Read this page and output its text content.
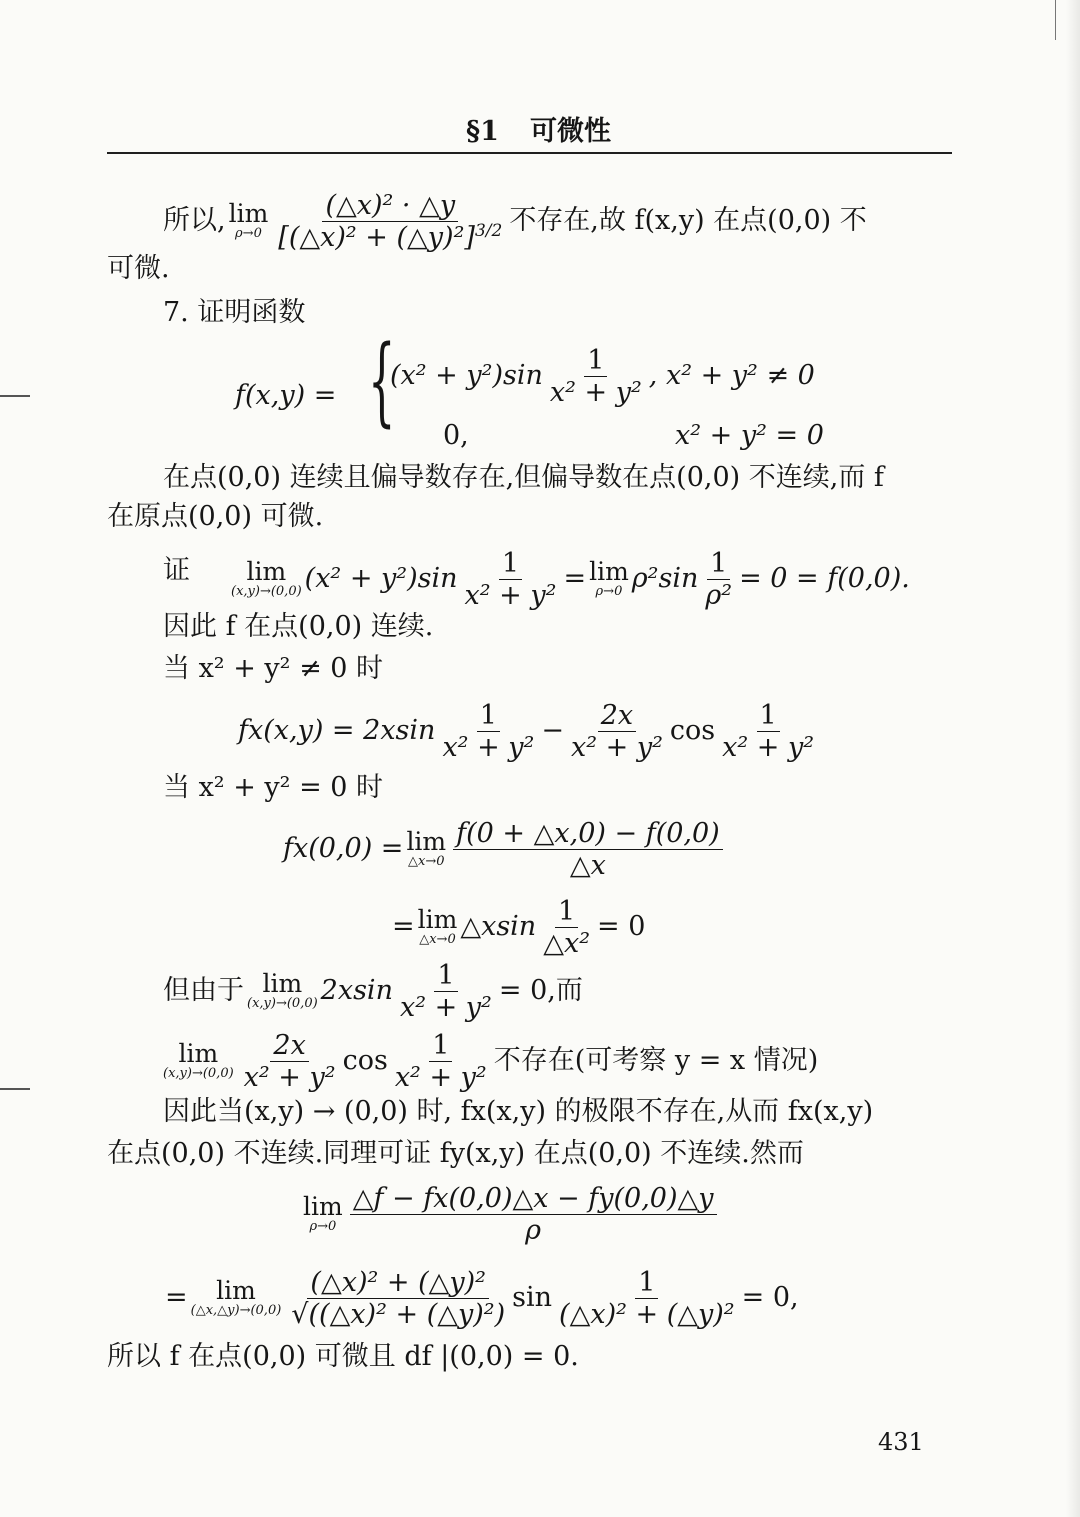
§1 可微性
所以, lim
$\rho\to 0 \frac{\text{(△x)² · △y}}{[(\triangle x)^2 + (\triangle y)^2]^{3/2}}$ 不存在,故 f(x,y) 在点(0,0) 不
可微.
7. 证明函数
f(x,y) = {
$(x^2 + y^2)\sin \frac{1}{\text{x² + y²}}$ , x² + y² ≠ 0
0,	x² + y² = 0
在点(0,0) 连续且偏导数存在,但偏导数在点(0,0) 不连续,而 f
在原点(0,0) 可微.
证 lim
(x,y)→(0,0) $(x^2 + y^2)\sin \frac{1}{\text{x² + y²}} = \lim$
ρ→0 $\rho^2\sin \frac{1}{\text{ρ²}} = 0 = f(0,0)$.
因此 f 在点(0,0) 连续.
当 x² + y² ≠ 0 时
$fx(x,y) = 2xsin \frac{1}{\text{x² + y²}} - \frac{2x}{\text{x² + y²}}$ $\cos \frac{1}{\text{x² + y²}}$
当 x² + y² = 0 时
fx(0,0) = lim
△x→0 $\frac{f(0 + \triangle x,0) - f(0,0)}{\triangle x}$
= lim
△x→0 △xsin $\frac{1}{\text{△x²}} = 0$
但由于 lim
(x,y)→(0,0) $2xsin \frac{1}{\text{x² + y²}} = 0$,而
lim
$(x,y)\to(0,0) \frac{2x}{\text{x² + y²}}$ $\cos \frac{1}{\text{x² + y²}}$ 不存在(可考察 y = x 情况)
因此当(x,y) → (0,0) 时, fx(x,y) 的极限不存在,从而 fx(x,y)
在点(0,0) 不连续.同理可证 fy(x,y) 在点(0,0) 不连续.然而
lim
$\rho\to 0 \frac{\triangle f - fx(0,0)\triangle x - fy(0,0)\triangle y}{\rho}$
= lim
(△x,△y)→(0,0) $\frac{\text{(△x)² + (△y)²}}{\text{√((△x)² + (△y)²)}}$ $\sin \frac{1}{\text{(△x)² + (△y)²}} = 0$,
所以 f 在点(0,0) 可微且 df |(0,0) = 0.
431
